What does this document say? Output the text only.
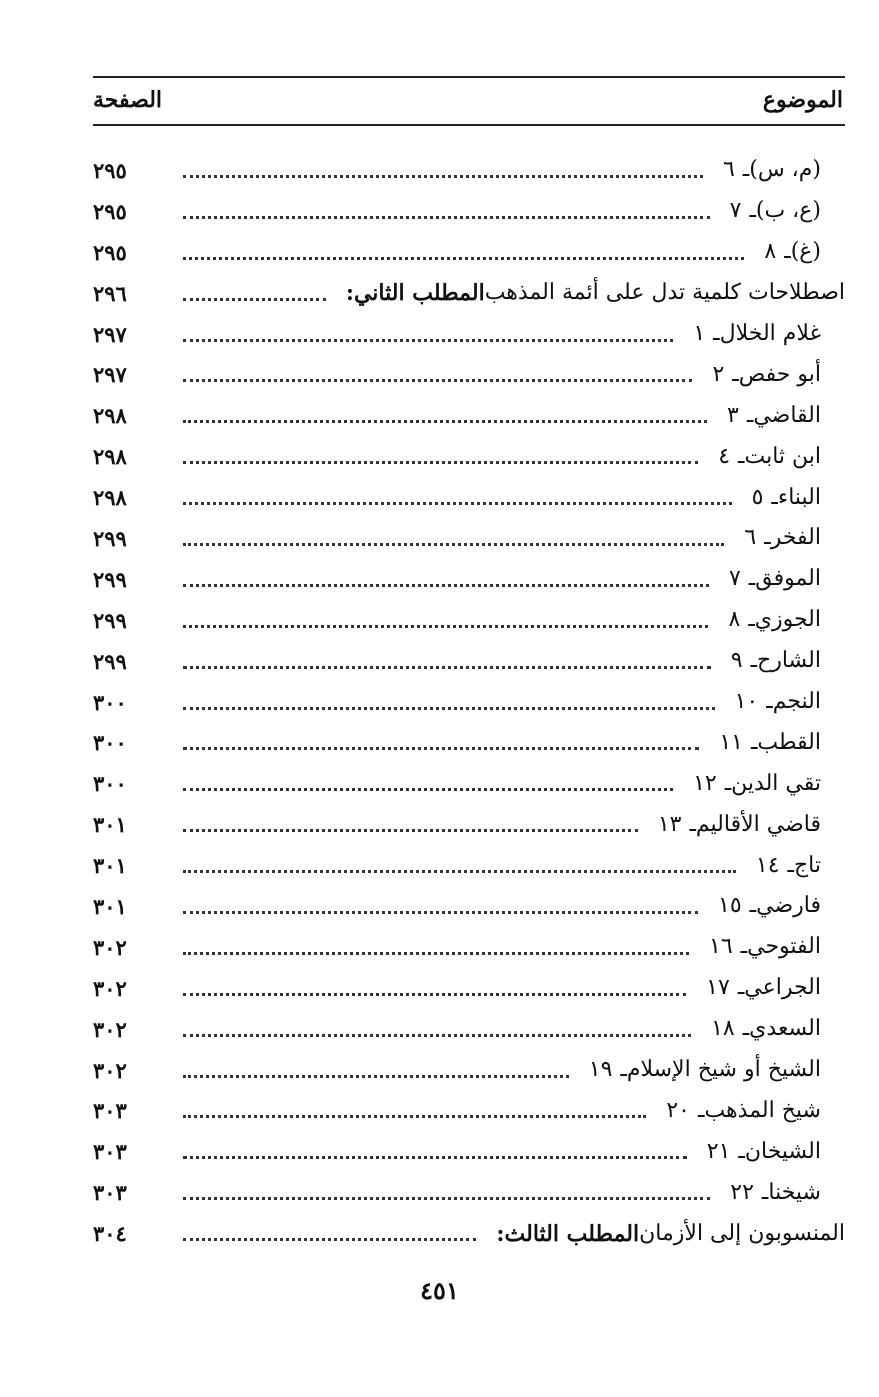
الموضوع
الصفحة
٦ ـ (م، س)
٢٩٥
٧ ـ (ع، ب)
٢٩٥
٨ ـ (غ)
٢٩٥
المطلب الثاني: اصطلاحات كلمية تدل على أئمة المذهب
٢٩٦
١ ـ غلام الخلال
٢٩٧
٢ ـ أبو حفص
٢٩٧
٣ ـ القاضي
٢٩٨
٤ ـ ابن ثابت
٢٩٨
٥ ـ البناء
٢٩٨
٦ ـ الفخر
٢٩٩
٧ ـ الموفق
٢٩٩
٨ ـ الجوزي
٢٩٩
٩ ـ الشارح
٢٩٩
١٠ ـ النجم
٣٠٠
١١ ـ القطب
٣٠٠
١٢ ـ تقي الدين
٣٠٠
١٣ ـ قاضي الأقاليم
٣٠١
١٤ ـ تاج
٣٠١
١٥ ـ فارضي
٣٠١
١٦ ـ الفتوحي
٣٠٢
١٧ ـ الجراعي
٣٠٢
١٨ ـ السعدي
٣٠٢
١٩ ـ الشيخ أو شيخ الإسلام
٣٠٢
٢٠ ـ شيخ المذهب
٣٠٣
٢١ ـ الشيخان
٣٠٣
٢٢ ـ شيخنا
٣٠٣
المطلب الثالث: المنسوبون إلى الأزمان
٣٠٤
٤٥١
